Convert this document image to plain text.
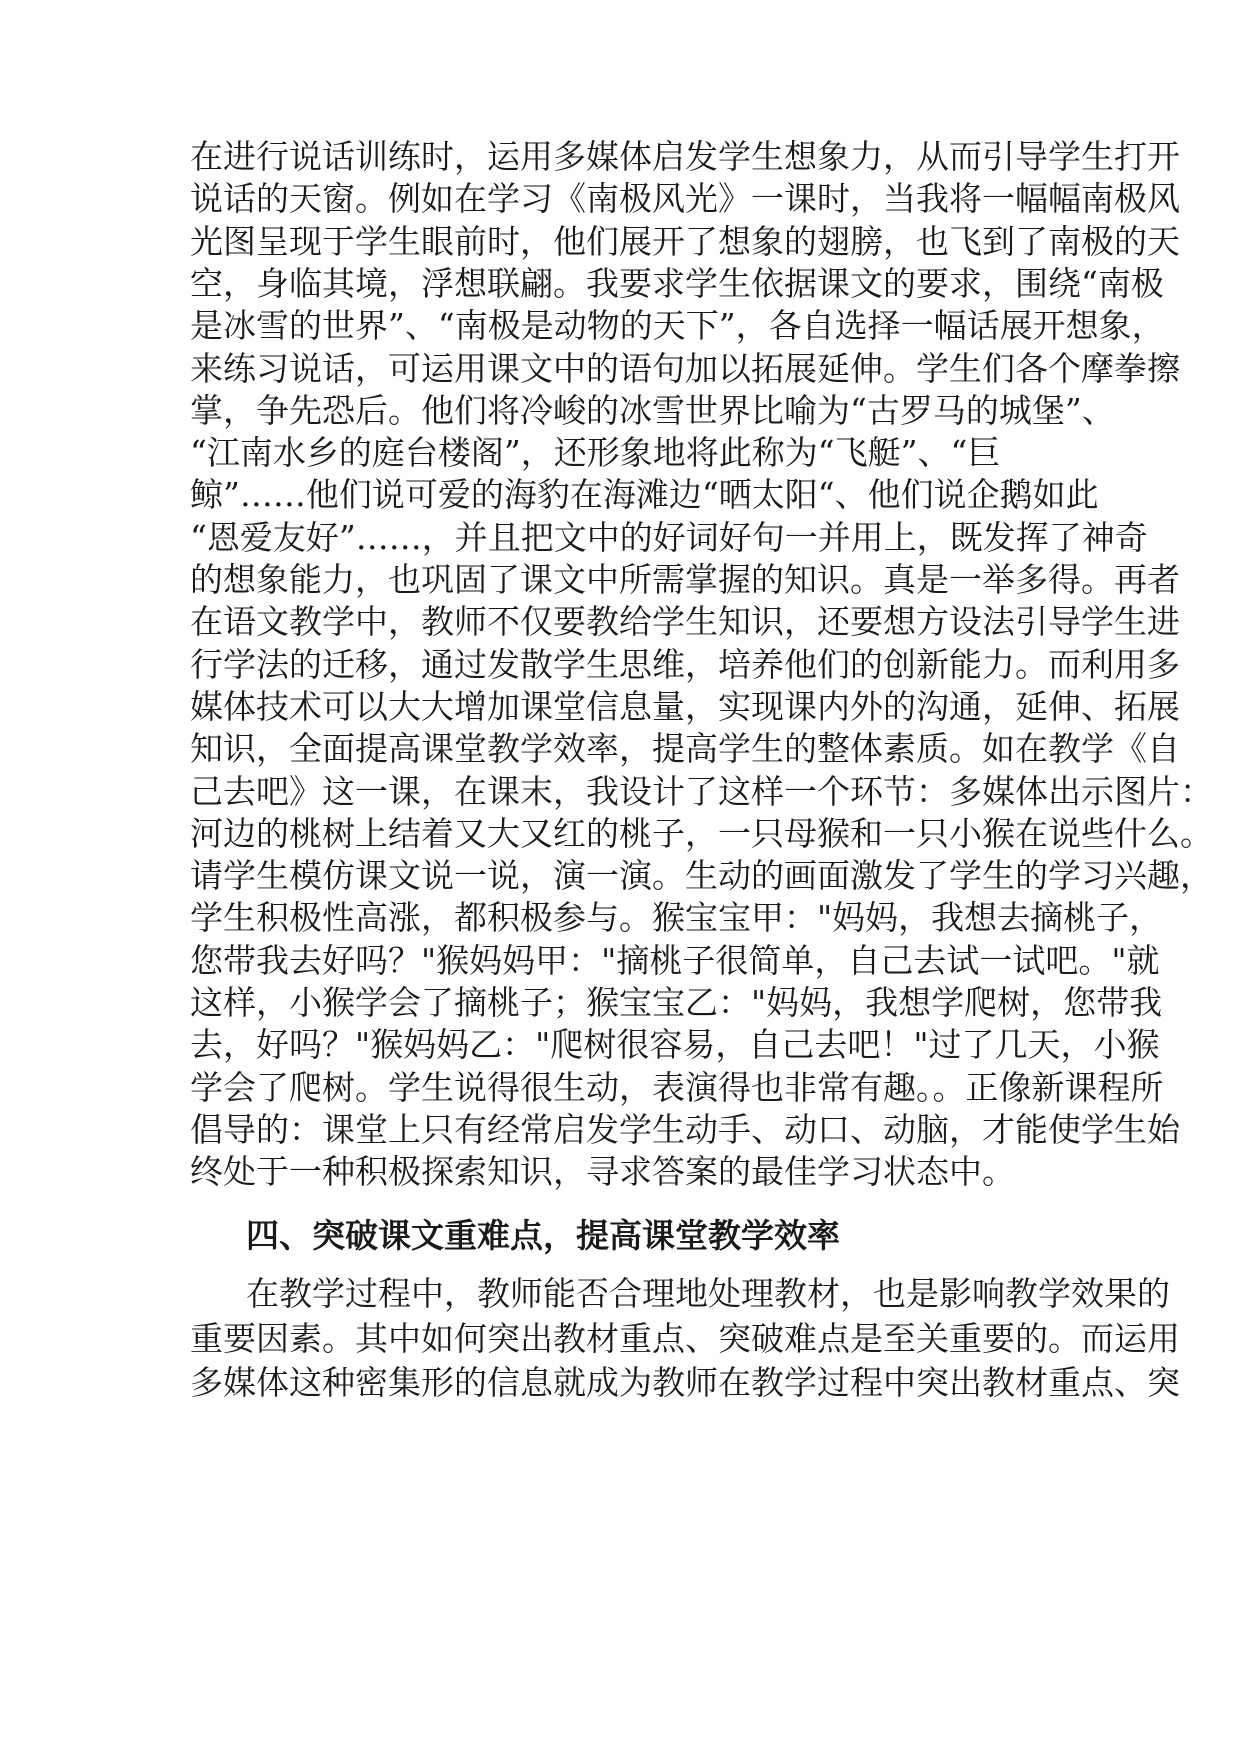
在进行说话训练时，运用多媒体启发学生想象力，从而引导学生打开
说话的天窗。例如在学习《南极风光》一课时，当我将一幅幅南极风
光图呈现于学生眼前时，他们展开了想象的翅膀，也飞到了南极的天
空，身临其境，浮想联翩。我要求学生依据课文的要求，围绕“南极
是冰雪的世界”、“南极是动物的天下”，各自选择一幅话展开想象，
来练习说话，可运用课文中的语句加以拓展延伸。学生们各个摩拳擦
掌，争先恐后。他们将冷峻的冰雪世界比喻为“古罗马的城堡”、
“江南水乡的庭台楼阁”，还形象地将此称为“飞艇”、“巨
鲸”……他们说可爱的海豹在海滩边“晒太阳“、他们说企鹅如此
“恩爱友好”……，并且把文中的好词好句一并用上，既发挥了神奇
的想象能力，也巩固了课文中所需掌握的知识。真是一举多得。再者
在语文教学中，教师不仅要教给学生知识，还要想方设法引导学生进
行学法的迁移，通过发散学生思维，培养他们的创新能力。而利用多
媒体技术可以大大增加课堂信息量，实现课内外的沟通，延伸、拓展
知识，全面提高课堂教学效率，提高学生的整体素质。如在教学《自
己去吧》这一课，在课末，我设计了这样一个环节：多媒体出示图片：
河边的桃树上结着又大又红的桃子，一只母猴和一只小猴在说些什么。
请学生模仿课文说一说，演一演。生动的画面激发了学生的学习兴趣，
学生积极性高涨，都积极参与。猴宝宝甲："妈妈，我想去摘桃子，
您带我去好吗？"猴妈妈甲："摘桃子很简单，自己去试一试吧。"就
这样，小猴学会了摘桃子；猴宝宝乙："妈妈，我想学爬树，您带我
去，好吗？"猴妈妈乙："爬树很容易，自己去吧！"过了几天，小猴
学会了爬树。学生说得很生动，表演得也非常有趣。。正像新课程所
倡导的：课堂上只有经常启发学生动手、动口、动脑，才能使学生始
终处于一种积极探索知识，寻求答案的最佳学习状态中。
四、突破课文重难点，提高课堂教学效率
在教学过程中，教师能否合理地处理教材，也是影响教学效果的
重要因素。其中如何突出教材重点、突破难点是至关重要的。而运用
多媒体这种密集形的信息就成为教师在教学过程中突出教材重点、突
